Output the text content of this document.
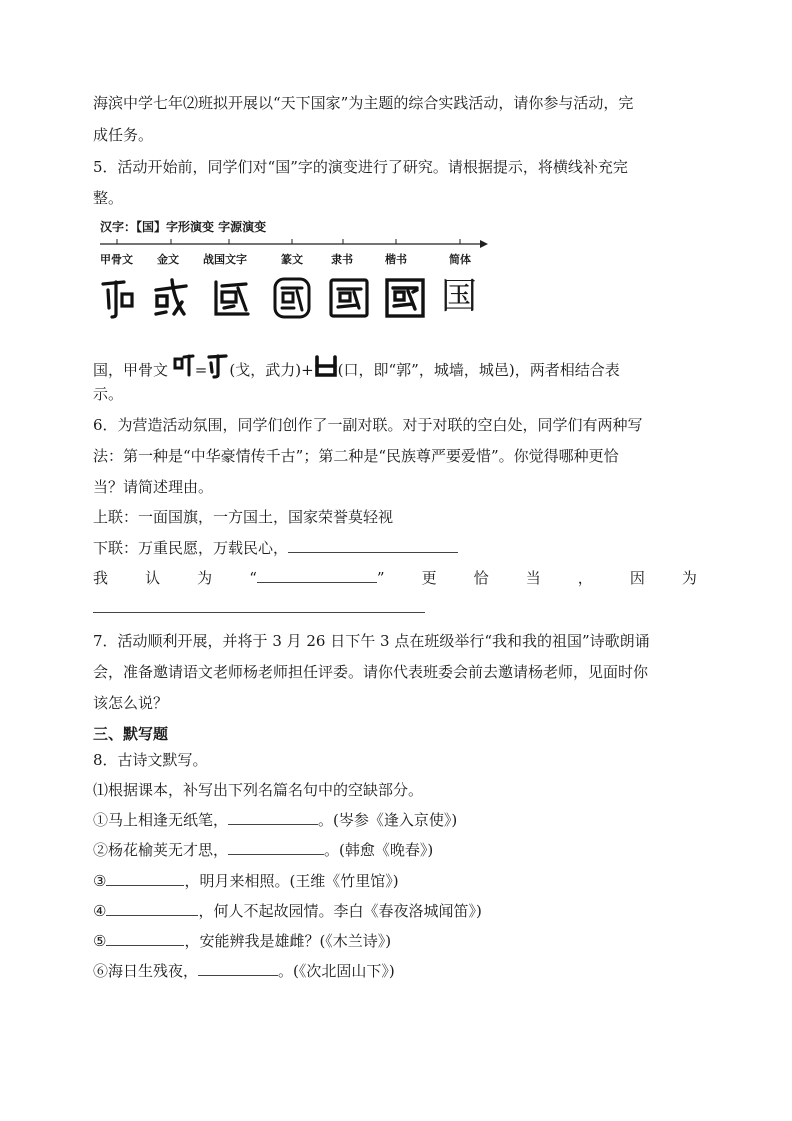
海滨中学七年⑵班拟开展以“天下国家”为主题的综合实践活动，请你参与活动，完
成任务。
5．活动开始前，同学们对“国”字的演变进行了研究。请根据提示，将横线补充完
整。
汉字：【国】字形演变 字源演变
甲骨文 金文 战国文字	篆文	隶书	楷书	简体
国
国，甲骨文 = (戈，武力)+ (口，即“郭”，城墙，城邑)，两者相结合表
示。
6．为营造活动氛围，同学们创作了一副对联。对于对联的空白处，同学们有两种写
法：第一种是“中华豪情传千古”；第二种是“民族尊严要爱惜”。你觉得哪种更恰
当？请简述理由。
上联：一面国旗，一方国土，国家荣誉莫轻视
下联：万重民愿，万载民心，
我 认 为 “	” 更 恰 当 ， 因 为
7．活动顺利开展，并将于 3 月 26 日下午 3 点在班级举行“我和我的祖国”诗歌朗诵
会，准备邀请语文老师杨老师担任评委。请你代表班委会前去邀请杨老师，见面时你
该怎么说？
三、默写题
8．古诗文默写。
⑴根据课本，补写出下列名篇名句中的空缺部分。
①马上相逢无纸笔，	。(岑参《逢入京使》)
②杨花榆荚无才思，	。(韩愈《晚春》)
③	，明月来相照。(王维《竹里馆》)
④	，何人不起故园情。李白《春夜洛城闻笛》)
⑤	，安能辨我是雄雌？(《木兰诗》)
⑥海日生残夜，	。(《次北固山下》)
